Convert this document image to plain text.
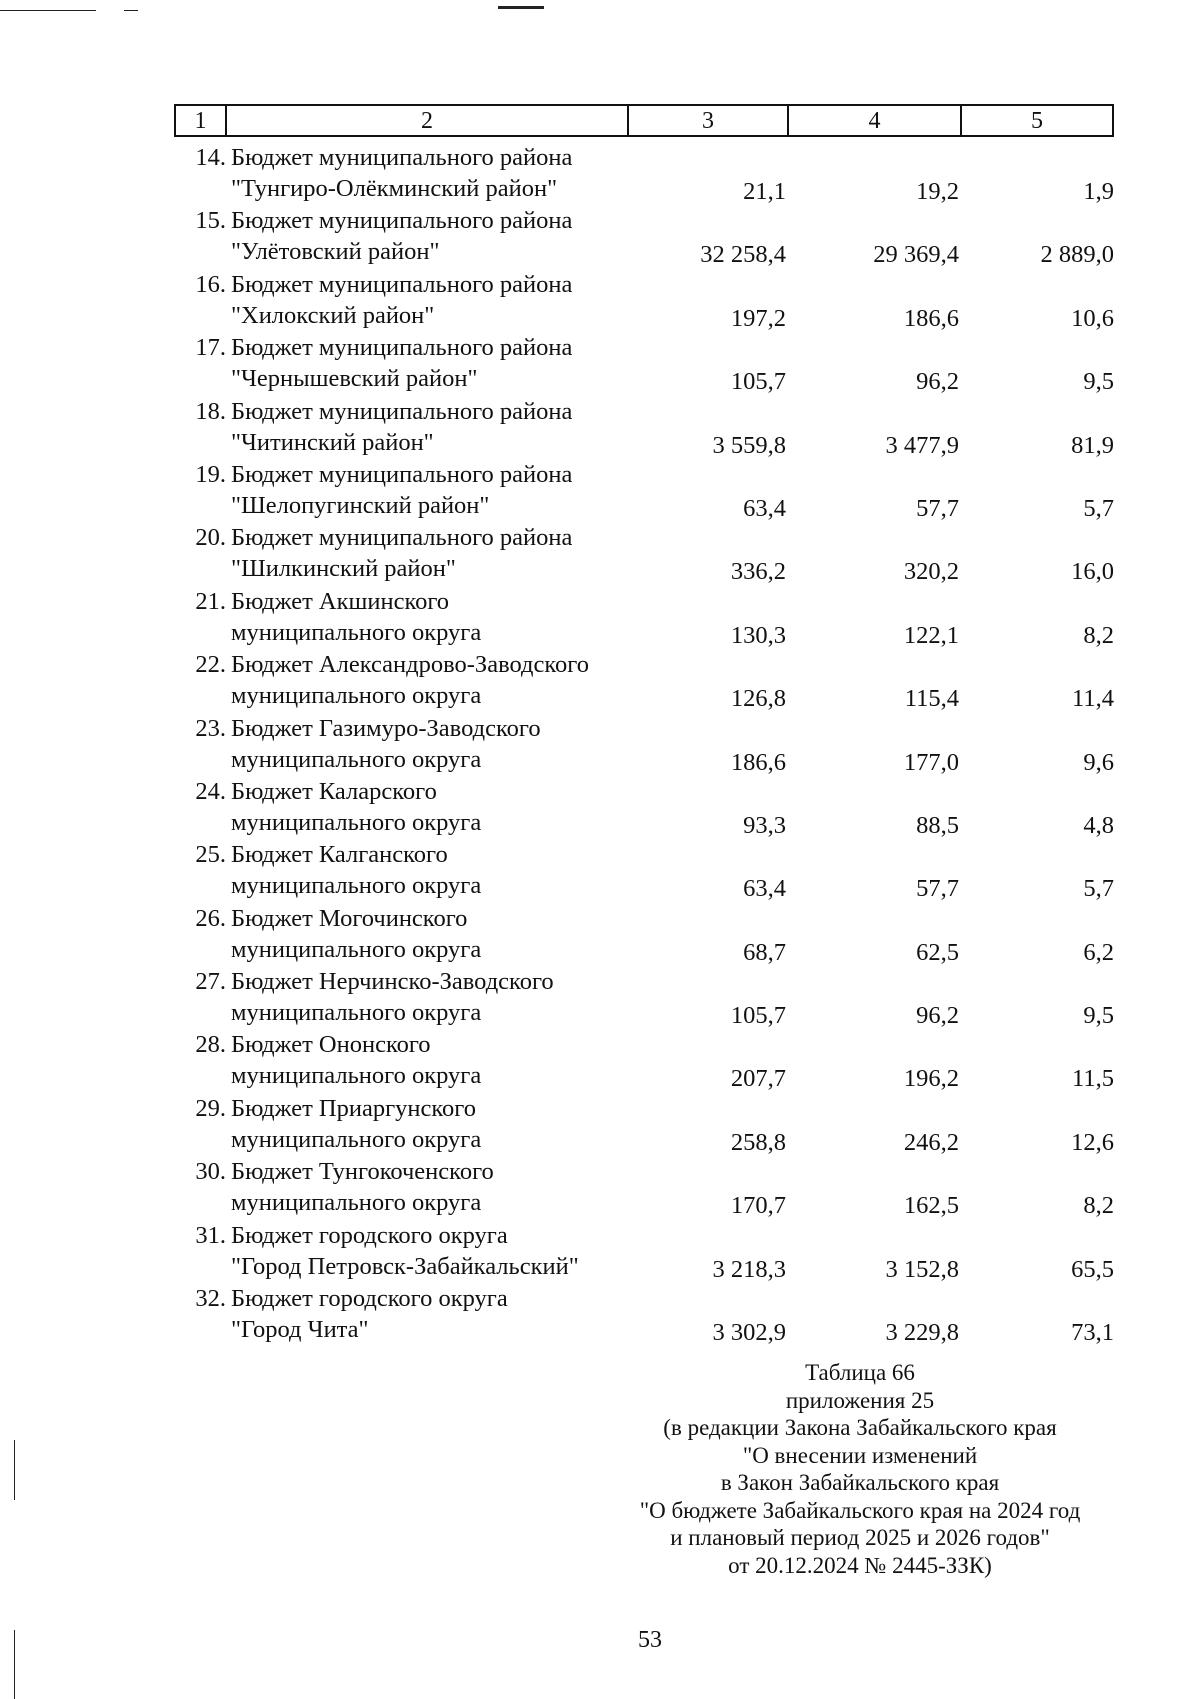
1	2	3	4	5
14. Бюджет муниципального района
"Тунгиро-Олёкминский район"	21,1	19,2	1,9
15. Бюджет муниципального района
"Улётовский район"	32 258,4	29 369,4	2 889,0
16. Бюджет муниципального района
"Хилокский район"	197,2	186,6	10,6
17. Бюджет муниципального района
"Чернышевский район"	105,7	96,2	9,5
18. Бюджет муниципального района
"Читинский район"	3 559,8	3 477,9	81,9
19. Бюджет муниципального района
"Шелопугинский район"	63,4	57,7	5,7
20. Бюджет муниципального района
"Шилкинский район"	336,2	320,2	16,0
21. Бюджет Акшинского
муниципального округа	130,3	122,1	8,2
22. Бюджет Александрово-Заводского
муниципального округа	126,8	115,4	11,4
23. Бюджет Газимуро-Заводского
муниципального округа	186,6	177,0	9,6
24. Бюджет Каларского
муниципального округа	93,3	88,5	4,8
25. Бюджет Калганского
муниципального округа	63,4	57,7	5,7
26. Бюджет Могочинского
муниципального округа	68,7	62,5	6,2
27. Бюджет Нерчинско-Заводского
муниципального округа	105,7	96,2	9,5
28. Бюджет Ононского
муниципального округа	207,7	196,2	11,5
29. Бюджет Приаргунского
муниципального округа	258,8	246,2	12,6
30. Бюджет Тунгокоченского
муниципального округа	170,7	162,5	8,2
31. Бюджет городского округа
"Город Петровск-Забайкальский"	3 218,3	3 152,8	65,5
32. Бюджет городского округа
"Город Чита"	3 302,9	3 229,8	73,1
Таблица 66
приложения 25
(в редакции Закона Забайкальского края
"О внесении изменений
в Закон Забайкальского края
"О бюджете Забайкальского края на 2024 год
и плановый период 2025 и 2026 годов"
от 20.12.2024 № 2445-ЗЗК)
53
